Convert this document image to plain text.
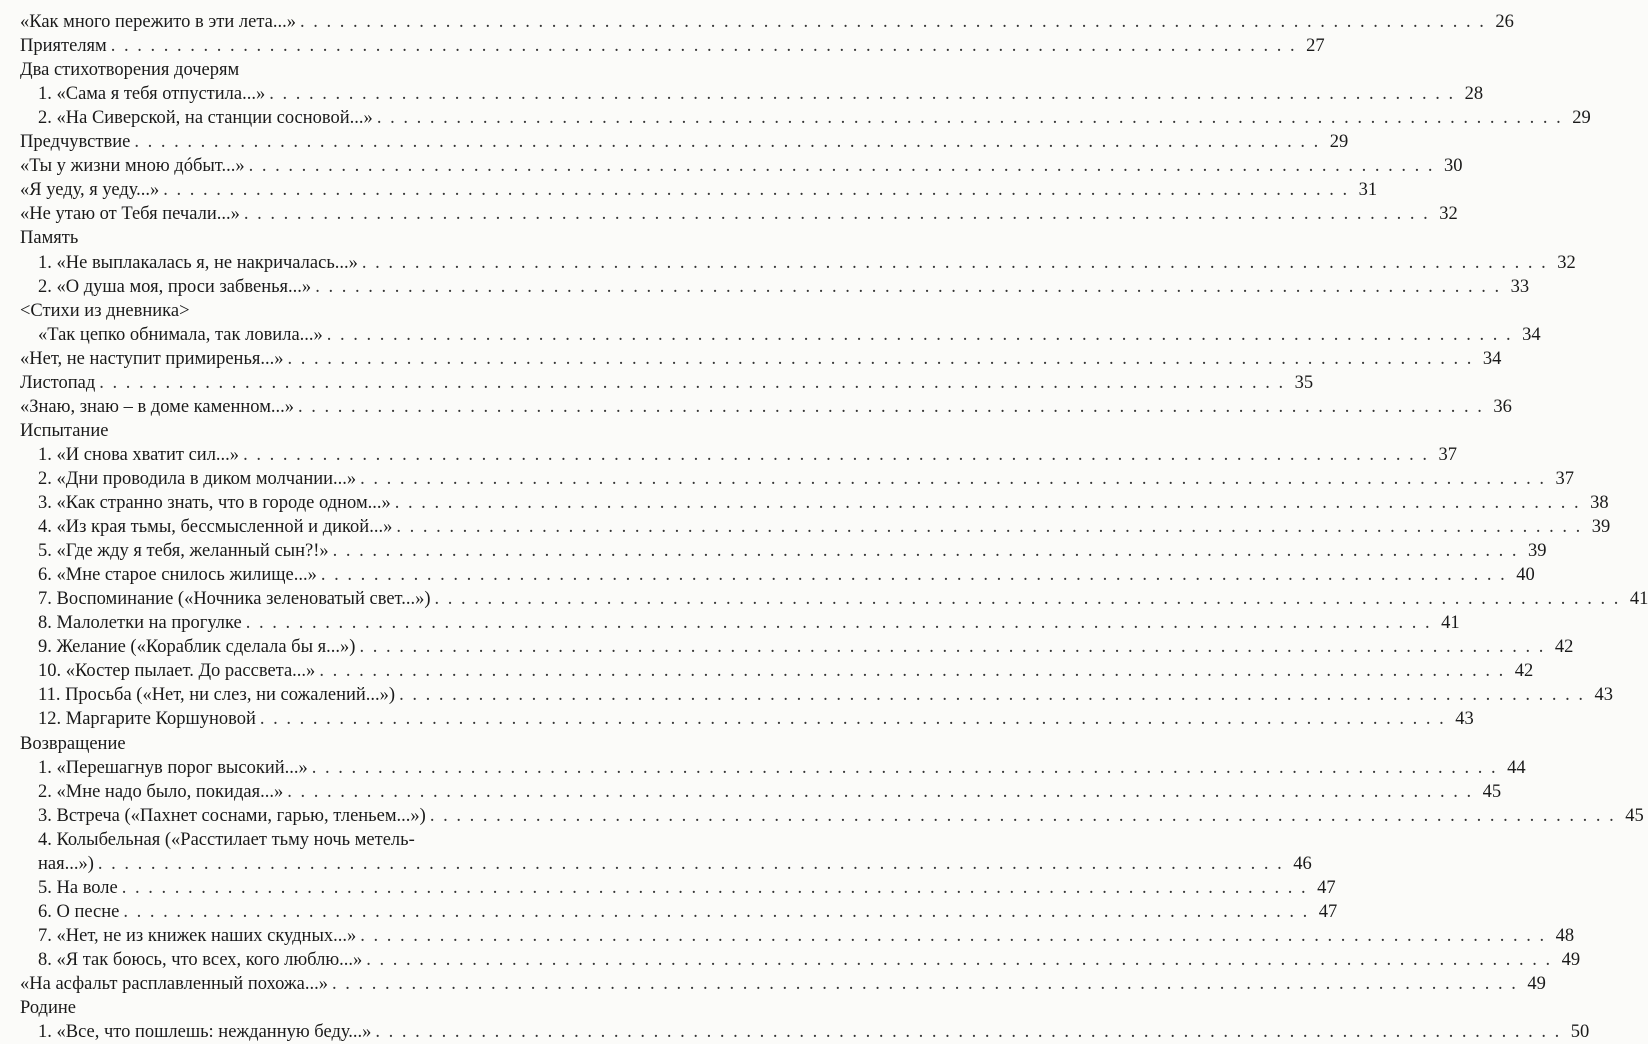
«Как много пережито в эти лета...» . . .	26
Приятелям . . .	27
Два стихотворения дочерям
1. «Сама я тебя отпустила...» . . .	28
2. «На Сиверской, на станции сосновой...» . . .	29
Предчувствие . . .	29
«Ты у жизни мною дóбыт...» . . .	30
«Я уеду, я уеду...» . . .	31
«Не утаю от Тебя печали...» . . .	32
Память
1. «Не выплакалась я, не накричалась...» . . .	32
2. «О душа моя, проси забвенья...» . . .	33
<Стихи из дневника>
«Так цепко обнимала, так ловила...» . . .	34
«Нет, не наступит примиренья...» . . .	34
Листопад . . .	35
«Знаю, знаю – в доме каменном...» . . .	36
Испытание
1. «И снова хватит сил...» . . .	37
2. «Дни проводила в диком молчании...» . . .	37
3. «Как странно знать, что в городе одном...» . . .	38
4. «Из края тьмы, бессмысленной и дикой...» . . .	39
5. «Где жду я тебя, желанный сын?!» . . .	39
6. «Мне старое снилось жилище...» . . .	40
7. Воспоминание («Ночника зеленоватый свет...») . . .	41
8. Малолетки на прогулке . . .	41
9. Желание («Кораблик сделала бы я...») . . .	42
10. «Костер пылает. До рассвета...» . . .	42
11. Просьба («Нет, ни слез, ни сожалений...») . . .	43
12. Маргарите Коршуновой . . .	43
Возвращение
1. «Перешагнув порог высокий...» . . .	44
2. «Мне надо было, покидая...» . . .	45
3. Встреча («Пахнет соснами, гарью, тленьем...») . . .	45
4. Колыбельная («Расстилает тьму ночь метель-
ная...») . . .	46
5. На воле . . .	47
6. О песне . . .	47
7. «Нет, не из книжек наших скудных...» . . .	48
8. «Я так боюсь, что всех, кого люблю...» . . .	49
«На асфальт расплавленный похожа...» . . .	49
Родине
1. «Все, что пошлешь: нежданную беду...» . . .	50
